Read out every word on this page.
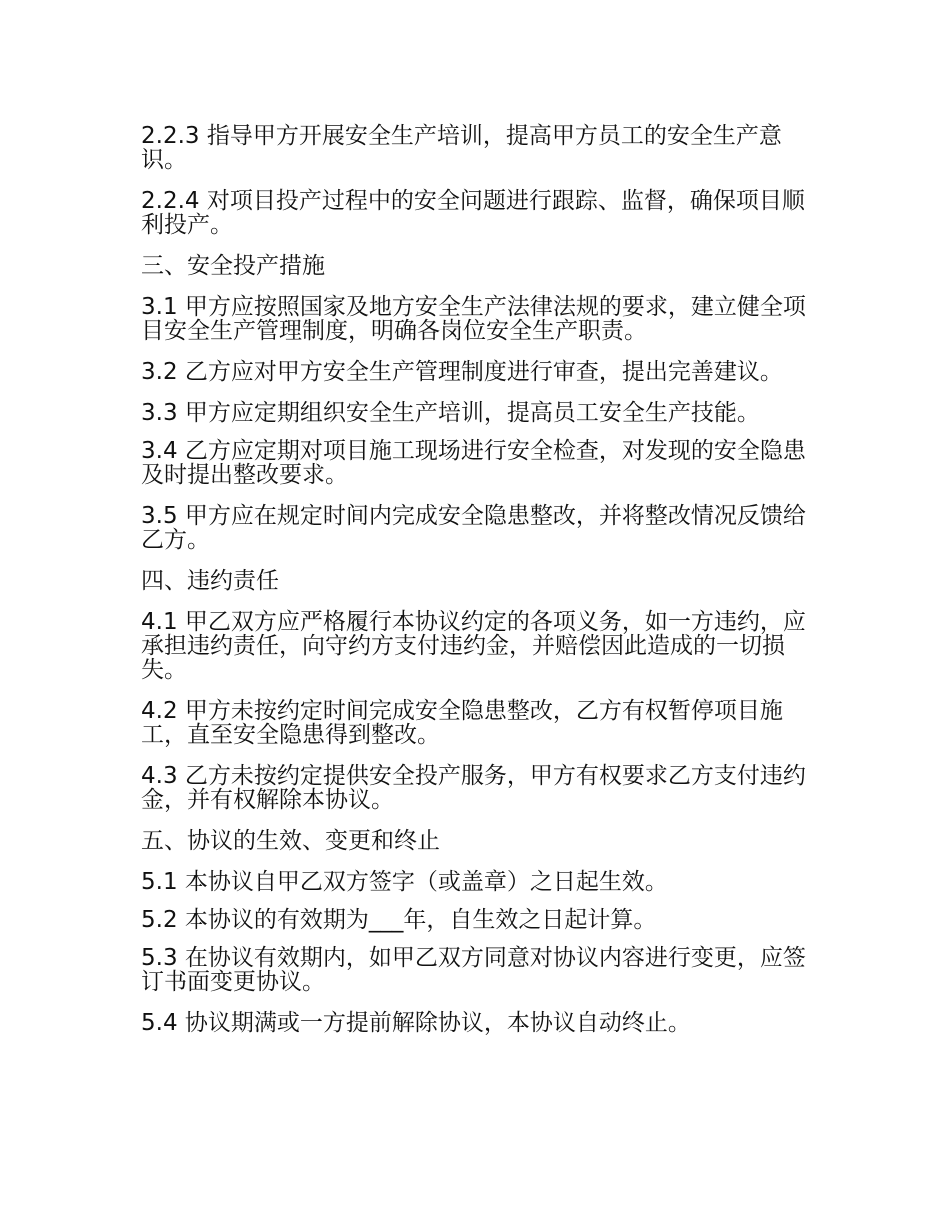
2.2.3 指导甲方开展安全生产培训，提高甲方员工的安全生产意识。

2.2.4 对项目投产过程中的安全问题进行跟踪、监督，确保项目顺利投产。

三、安全投产措施

3.1 甲方应按照国家及地方安全生产法律法规的要求，建立健全项目安全生产管理制度，明确各岗位安全生产职责。

3.2 乙方应对甲方安全生产管理制度进行审查，提出完善建议。

3.3 甲方应定期组织安全生产培训，提高员工安全生产技能。

3.4 乙方应定期对项目施工现场进行安全检查，对发现的安全隐患及时提出整改要求。

3.5 甲方应在规定时间内完成安全隐患整改，并将整改情况反馈给乙方。

四、违约责任

4.1 甲乙双方应严格履行本协议约定的各项义务，如一方违约，应承担违约责任，向守约方支付违约金，并赔偿因此造成的一切损失。

4.2 甲方未按约定时间完成安全隐患整改，乙方有权暂停项目施工，直至安全隐患得到整改。

4.3 乙方未按约定提供安全投产服务，甲方有权要求乙方支付违约金，并有权解除本协议。

五、协议的生效、变更和终止

5.1 本协议自甲乙双方签字（或盖章）之日起生效。

5.2 本协议的有效期为___年，自生效之日起计算。

5.3 在协议有效期内，如甲乙双方同意对协议内容进行变更，应签订书面变更协议。

5.4 协议期满或一方提前解除协议，本协议自动终止。
